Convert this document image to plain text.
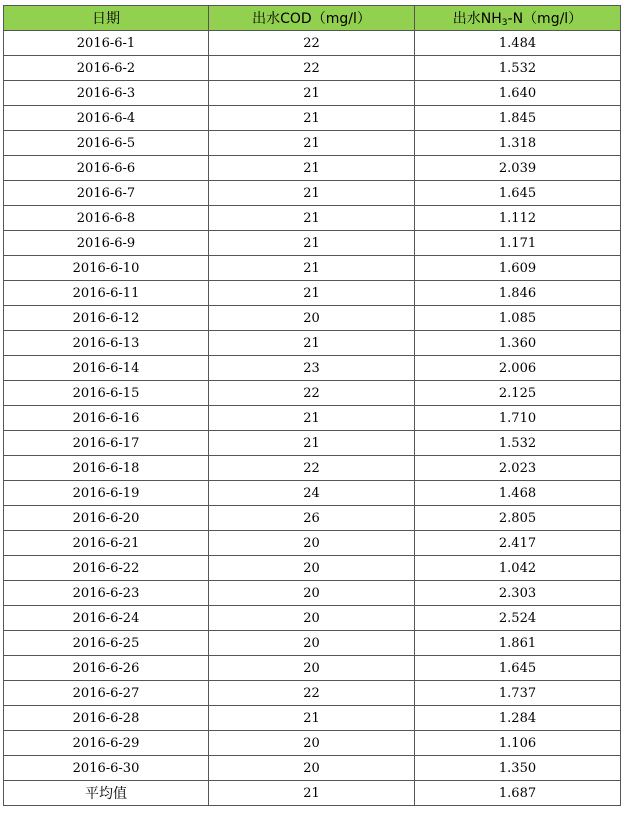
日期	出水COD（mg/l）	出水$NH_3-N(mg/l)$
2016-6-1	22	1.484
2016-6-2	22	1.532
2016-6-3	21	1.640
2016-6-4	21	1.845
2016-6-5	21	1.318
2016-6-6	21	2.039
2016-6-7	21	1.645
2016-6-8	21	1.112
2016-6-9	21	1.171
2016-6-10	21	1.609
2016-6-11	21	1.846
2016-6-12	20	1.085
2016-6-13	21	1.360
2016-6-14	23	2.006
2016-6-15	22	2.125
2016-6-16	21	1.710
2016-6-17	21	1.532
2016-6-18	22	2.023
2016-6-19	24	1.468
2016-6-20	26	2.805
2016-6-21	20	2.417
2016-6-22	20	1.042
2016-6-23	20	2.303
2016-6-24	20	2.524
2016-6-25	20	1.861
2016-6-26	20	1.645
2016-6-27	22	1.737
2016-6-28	21	1.284
2016-6-29	20	1.106
2016-6-30	20	1.350
平均值	21	1.687
